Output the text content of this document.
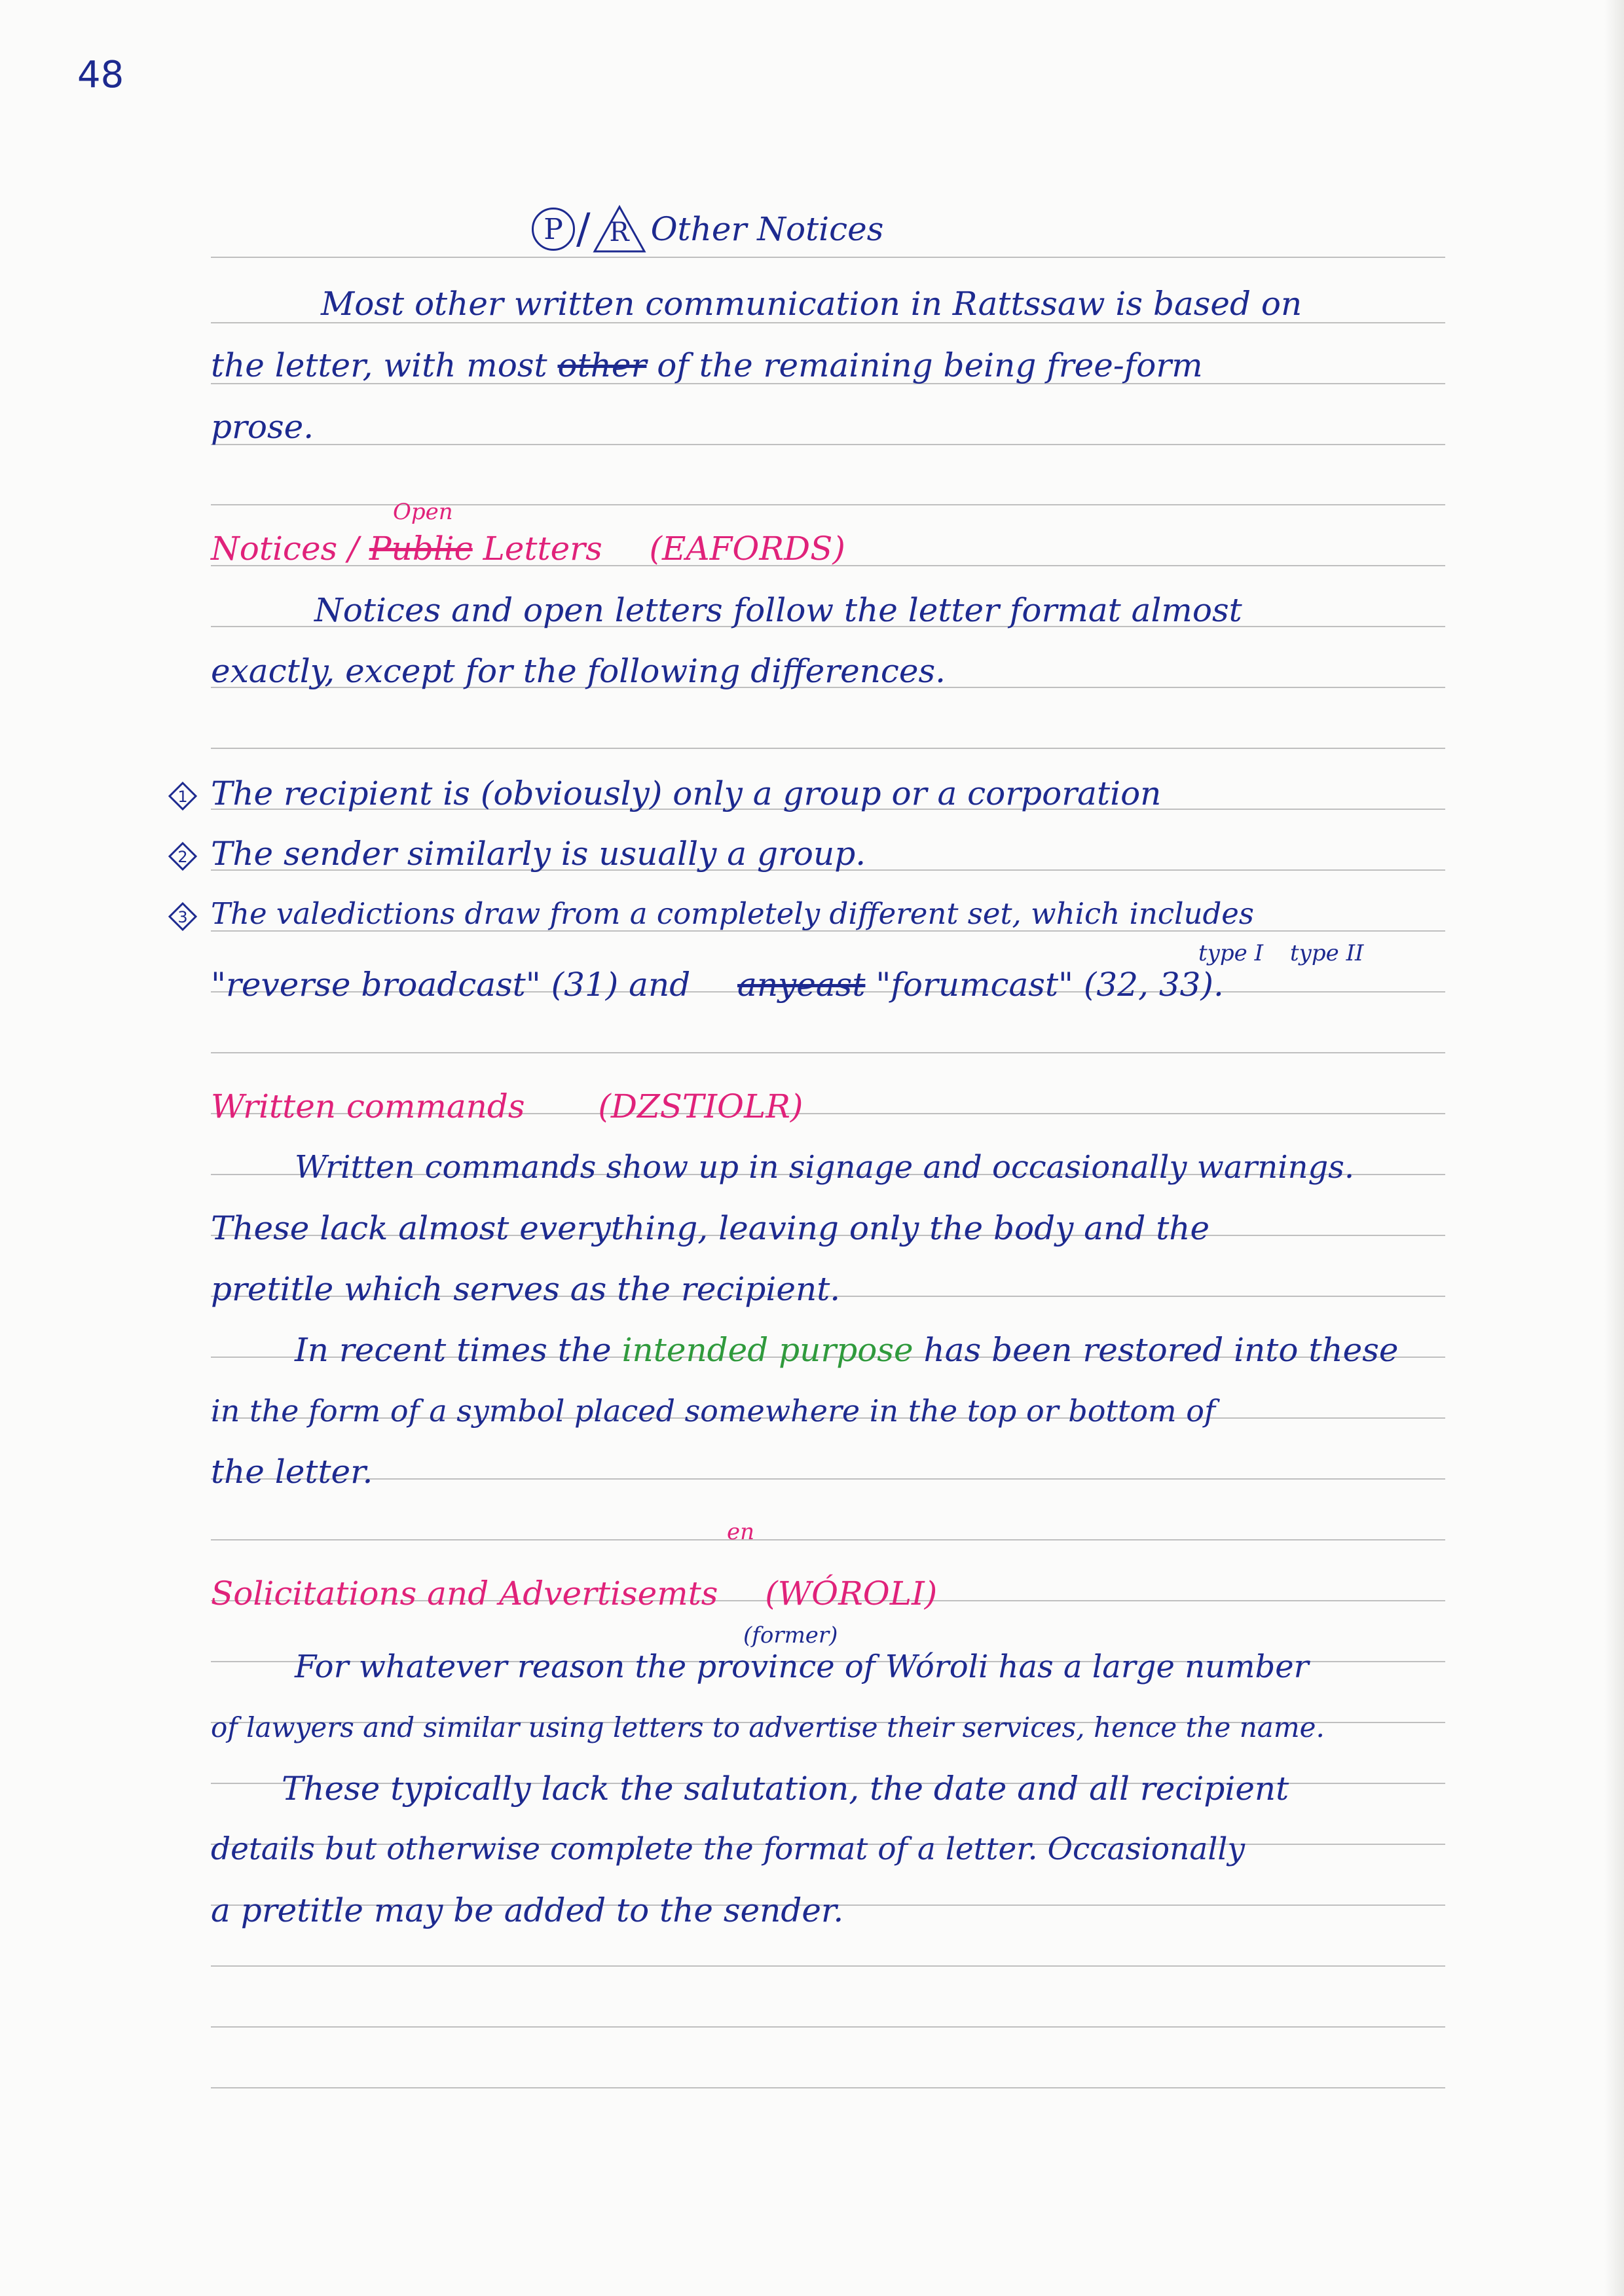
48
P / R Other Notices
Most other written communication in Rattssaw is based on
the letter, with most other of the remaining being free-form
prose.
Open
Notices / Public Letters (EAFORDS)
Notices and open letters follow the letter format almost
exactly, except for the following differences.
1 The recipient is (obviously) only a group or a corporation
2 The sender similarly is usually a group.
3 The valedictions draw from a completely different set, which includes
type I type II
"reverse broadcast" (31) and anyeast "forumcast" (32, 33).
Written commands (DZSTIOLR)
Written commands show up in signage and occasionally warnings.
These lack almost everything, leaving only the body and the
pretitle which serves as the recipient.
In recent times the intended purpose has been restored into these
in the form of a symbol placed somewhere in the top or bottom of
the letter.
en
Solicitations and Advertisemts (WÓROLI)
(former)
For whatever reason the province of Wóroli has a large number
of lawyers and similar using letters to advertise their services, hence the name.
These typically lack the salutation, the date and all recipient
details but otherwise complete the format of a letter. Occasionally
a pretitle may be added to the sender.
